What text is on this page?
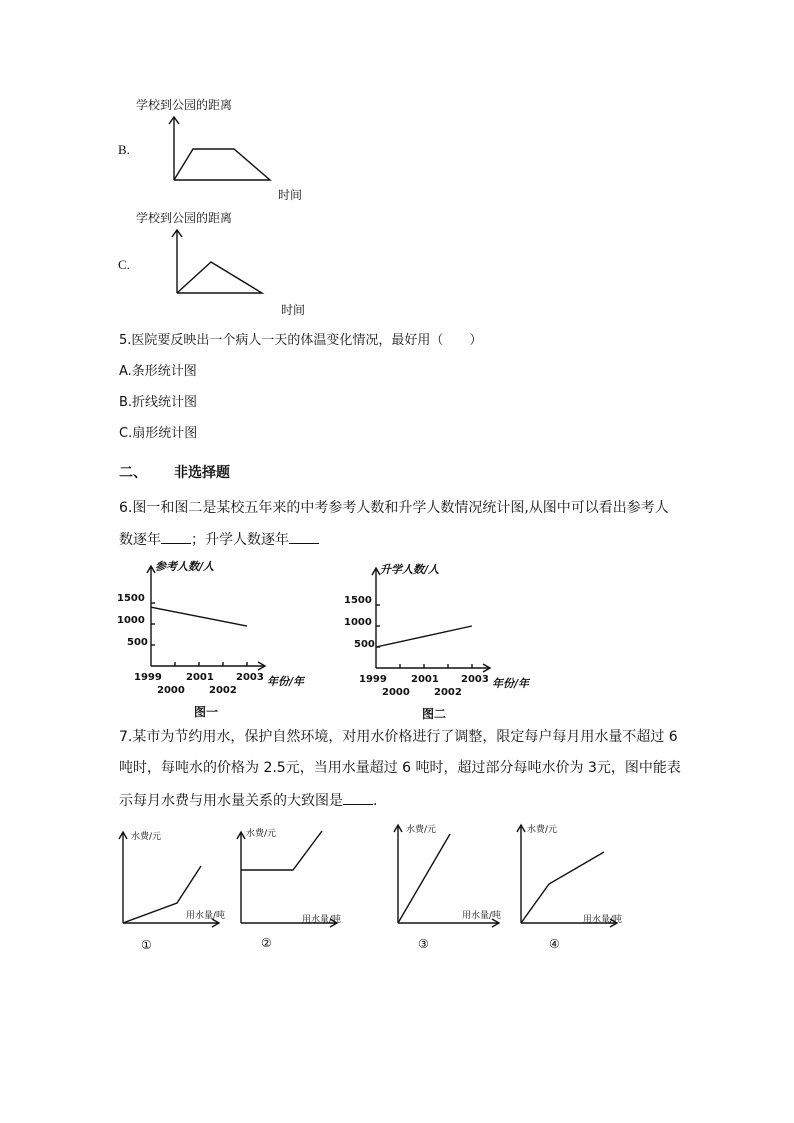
学校到公园的距离
B.
时间
学校到公园的距离
C.
时间
5.医院要反映出一个病人一天的体温变化情况，最好用（　　）
A.条形统计图
B.折线统计图
C.扇形统计图
二、 非选择题
6.图一和图二是某校五年来的中考参考人数和升学人数情况统计图,从图中可以看出参考人
数逐年 ；升学人数逐年
参考人数/人
1500
1000
500
年份/年
1999 2001 2003
2000 2002
图一
升学人数/人
1500
1000
500
年份/年
1999 2001 2003
2000 2002
图二
7.某市为节约用水，保护自然环境，对用水价格进行了调整，限定每户每月用水量不超过 6
吨时，每吨水的价格为 2.5元，当用水量超过 6 吨时，超过部分每吨水价为 3元，图中能表
示每月水费与用水量关系的大致图是 .
水费/元
用水量/吨
①
水费/元
用水量/吨
②
水费/元
用水量/吨
③
水费/元
用水量/吨
④
